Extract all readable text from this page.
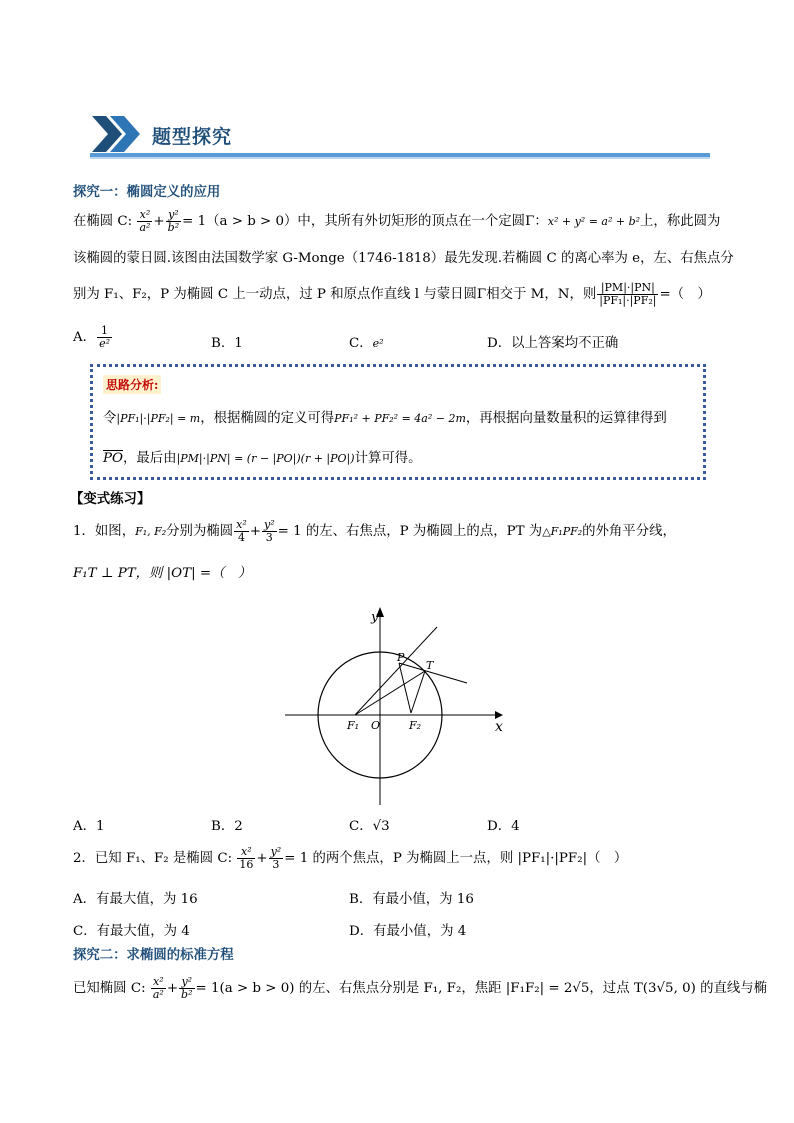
题型探究
探究一：椭圆定义的应用
在椭圆 C: $\frac{\text{x²}}{\text{a²}} + \frac{\text{y²}}{\text{b²}} = 1(a > b > 0)$中，其所有外切矩形的顶点在一个定圆Γ：x² + y² = a² + b²上，称此圆为
该椭圆的蒙日圆.该图由法国数学家 G-Monge（1746-1818）最先发现.若椭圆 C 的离心率为 e，左、右焦点分
别为 F₁、F₂，P 为椭圆 C 上一动点，过 P 和原点作直线 l 与蒙日圆Γ相交于 M，N，则 $\frac{|PM|\cdot|PN|}{\text{|PF₁|·|PF₂|}}$ =（　）
A． $\frac{1}{\text{e²}}$	B．1	C．e²	D．以上答案均不正确
思路分析:
令|PF₁|·|PF₂| = m，根据椭圆的定义可得PF₁² + PF₂² = 4a² − 2m，再根据向量数量积的运算律得到
$\overline{PO}$，最后由|PM|·|PN| = (r − |PO|)(r + |PO|)计算可得。
【变式练习】
1．如图，F₁, F₂分别为椭圆 $\frac{\text{x²}}{4} + \frac{\text{y²}}{3} = 1$ 的左、右焦点，P 为椭圆上的点，PT 为△F₁PF₂的外角平分线，
F₁T ⊥ PT，则 |OT| =（　）
y
x
P
T
O
F₁	F₂
A．1	B．2	C．√3	D．4
2．已知 F₁、F₂ 是椭圆 C: $\frac{\text{x²}}{16} + \frac{\text{y²}}{3} = 1$ 的两个焦点，P 为椭圆上一点，则 |PF₁|·|PF₂|（　）
A．有最大值，为 16	B．有最小值，为 16
C．有最大值，为 4	D．有最小值，为 4
探究二：求椭圆的标准方程
已知椭圆 C: $\frac{\text{x²}}{\text{a²}} + \frac{\text{y²}}{\text{b²}} = 1(a > b > 0)$ 的左、右焦点分别是 F₁, F₂，焦距 |F₁F₂| = 2√5，过点 T(3√5, 0) 的直线与椭
